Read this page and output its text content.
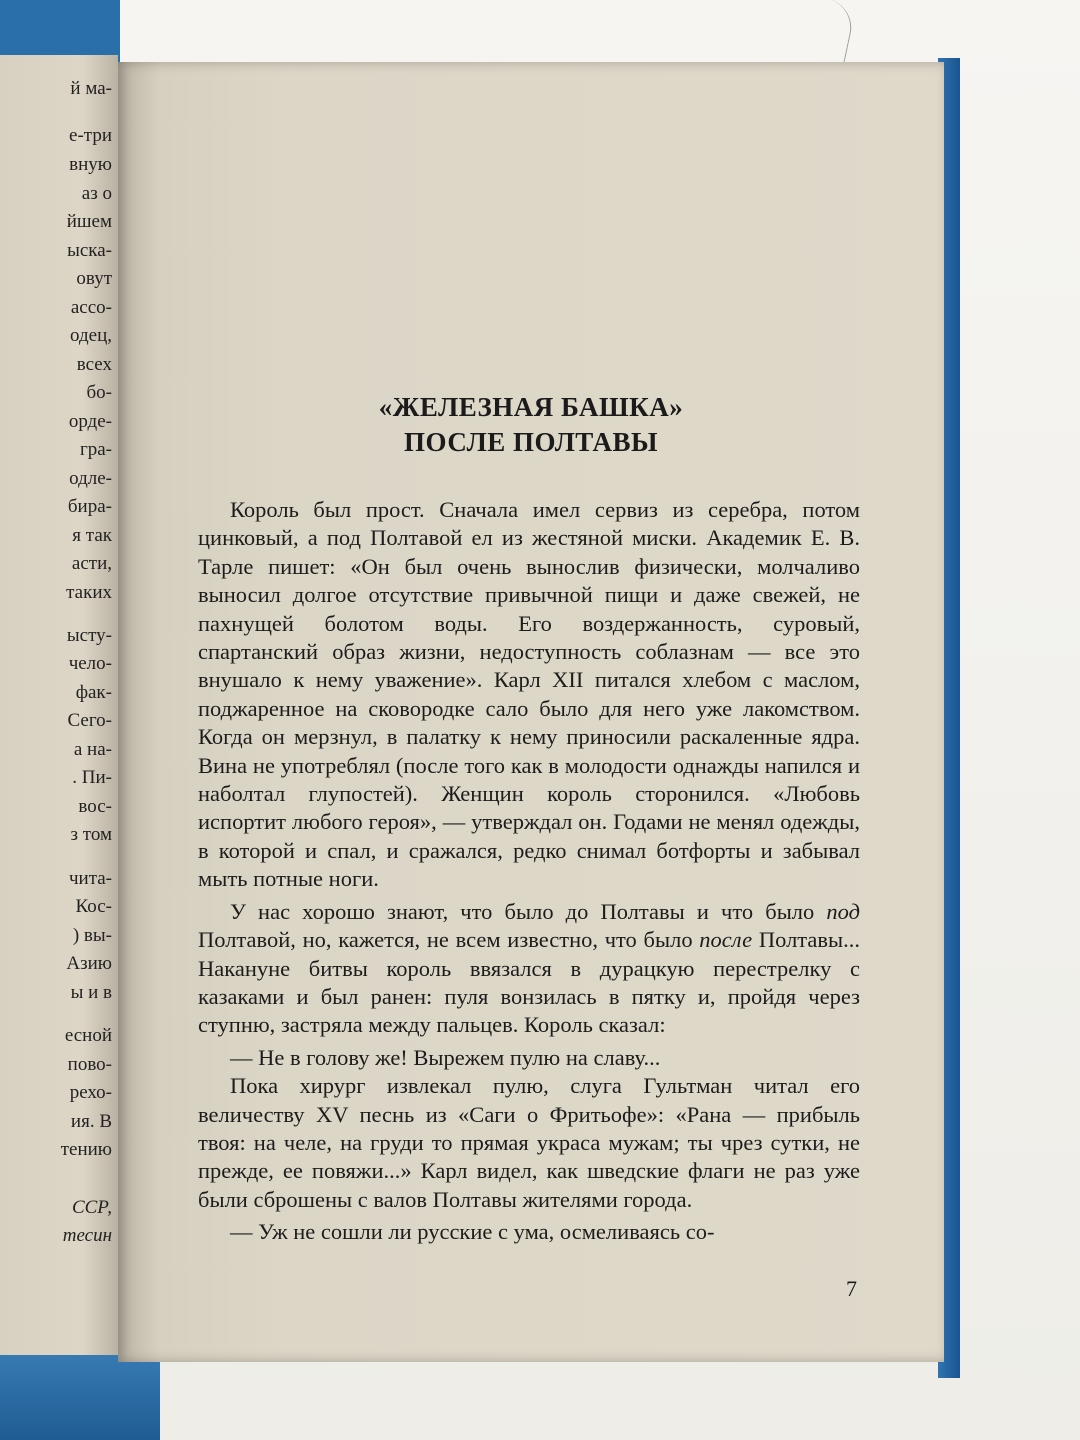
й ма-
е-три
вную
аз о
йшем
ыска-
овут
ассо-
одец,
всех
бо-
орде-
гра-
одле-
бира-
я так
асти,
таких
ысту-
чело-
фак-
Сего-
а на-
. Пи-
вос-
з том
чита-
Кос-
) вы-
Азию
ы и в
есной
пово-
рехо-
ия. В
тению
ССР,
тесин
«ЖЕЛЕЗНАЯ БАШКА»
ПОСЛЕ ПОЛТАВЫ

Король был прост. Сначала имел сервиз из серебра, потом цинковый, а под Полтавой ел из жестяной миски. Академик Е. В. Тарле пишет: «Он был очень вынослив физически, молчаливо выносил долгое отсутствие привычной пищи и даже свежей, не пахнущей болотом воды. Его воздержанность, суровый, спартанский образ жизни, недоступность соблазнам — все это внушало к нему уважение». Карл XII питался хлебом с маслом, поджаренное на сковородке сало было для него уже лакомством. Когда он мерзнул, в палатку к нему приносили раскаленные ядра. Вина не употреблял (после того как в молодости однажды напился и наболтал глупостей). Женщин король сторонился. «Любовь испортит любого героя», — утверждал он. Годами не менял одежды, в которой и спал, и сражался, редко снимал ботфорты и забывал мыть потные ноги.

У нас хорошо знают, что было до Полтавы и что было под Полтавой, но, кажется, не всем известно, что было после Полтавы... Накануне битвы король ввязался в дурацкую перестрелку с казаками и был ранен: пуля вонзилась в пятку и, пройдя через ступню, застряла между пальцев. Король сказал:

— Не в голову же! Вырежем пулю на славу...

Пока хирург извлекал пулю, слуга Гультман читал его величеству XV песнь из «Саги о Фритьофе»: «Рана — прибыль твоя: на челе, на груди то прямая украса мужам; ты чрез сутки, не прежде, ее повяжи...» Карл видел, как шведские флаги не раз уже были сброшены с валов Полтавы жителями города.

— Уж не сошли ли русские с ума, осмеливаясь со-

7
